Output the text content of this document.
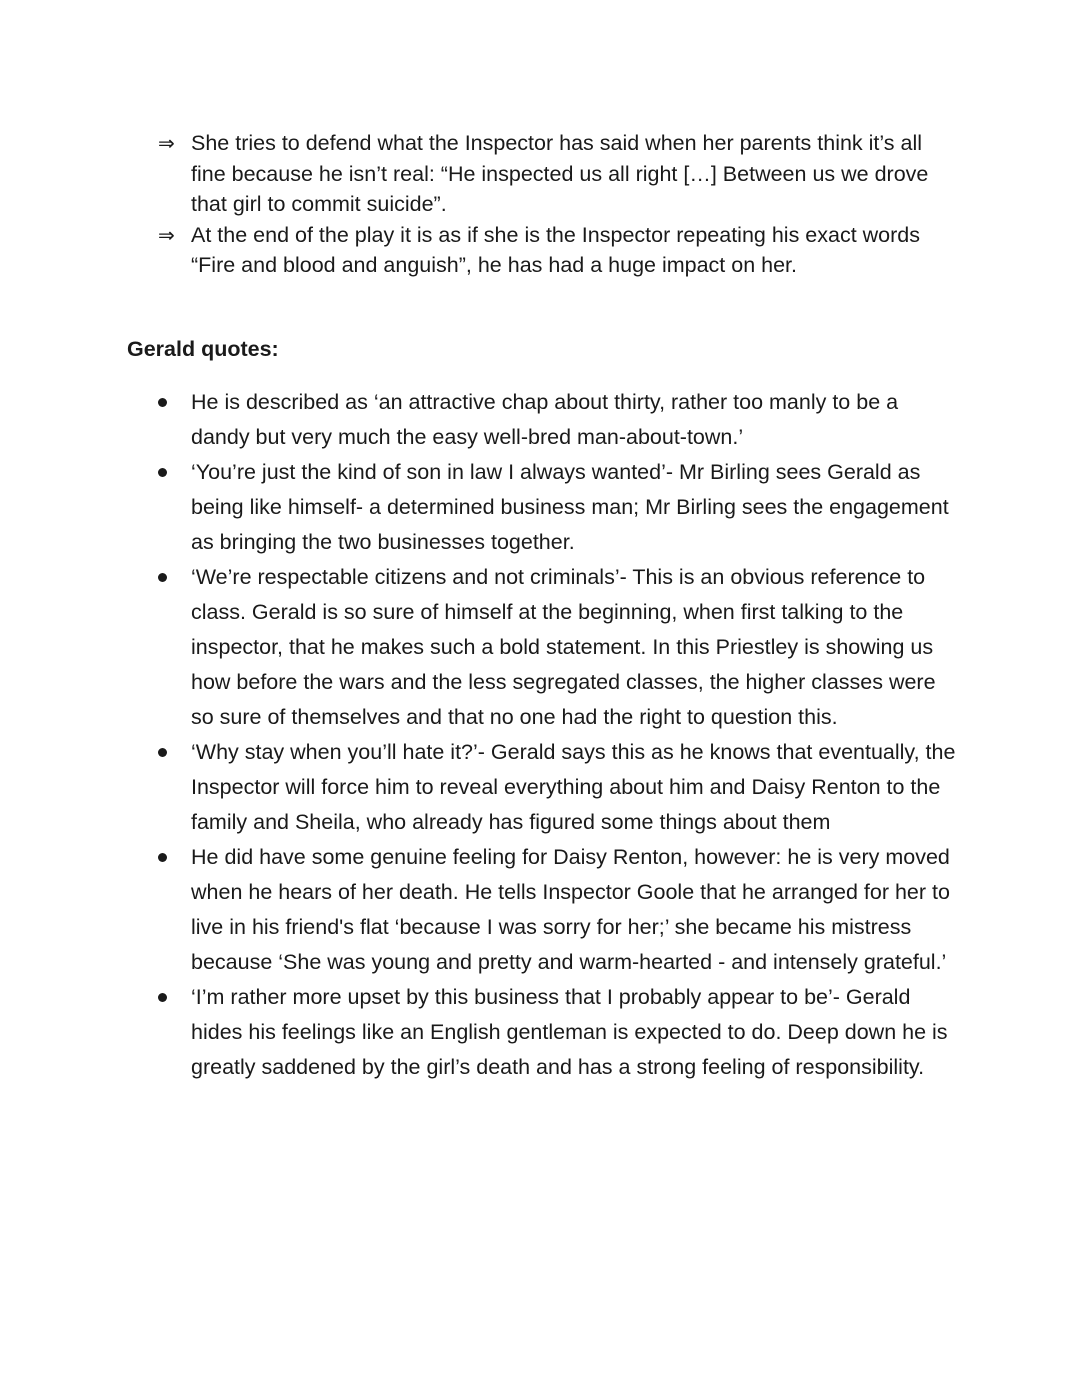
⇒ She tries to defend what the Inspector has said when her parents think it’s all fine because he isn’t real: “He inspected us all right […] Between us we drove that girl to commit suicide”.
⇒ At the end of the play it is as if she is the Inspector repeating his exact words “Fire and blood and anguish”, he has had a huge impact on her.
Gerald quotes:
He is described as ‘an attractive chap about thirty, rather too manly to be a dandy but very much the easy well-bred man-about-town.’
‘You’re just the kind of son in law I always wanted’- Mr Birling sees Gerald as being like himself- a determined business man; Mr Birling sees the engagement as bringing the two businesses together.
‘We’re respectable citizens and not criminals’- This is an obvious reference to class. Gerald is so sure of himself at the beginning, when first talking to the inspector, that he makes such a bold statement. In this Priestley is showing us how before the wars and the less segregated classes, the higher classes were so sure of themselves and that no one had the right to question this.
‘Why stay when you’ll hate it?’- Gerald says this as he knows that eventually, the Inspector will force him to reveal everything about him and Daisy Renton to the family and Sheila, who already has figured some things about them
He did have some genuine feeling for Daisy Renton, however: he is very moved when he hears of her death. He tells Inspector Goole that he arranged for her to live in his friend's flat ‘because I was sorry for her;’ she became his mistress because ‘She was young and pretty and warm-hearted - and intensely grateful.’
‘I’m rather more upset by this business that I probably appear to be’- Gerald hides his feelings like an English gentleman is expected to do. Deep down he is greatly saddened by the girl’s death and has a strong feeling of responsibility.
